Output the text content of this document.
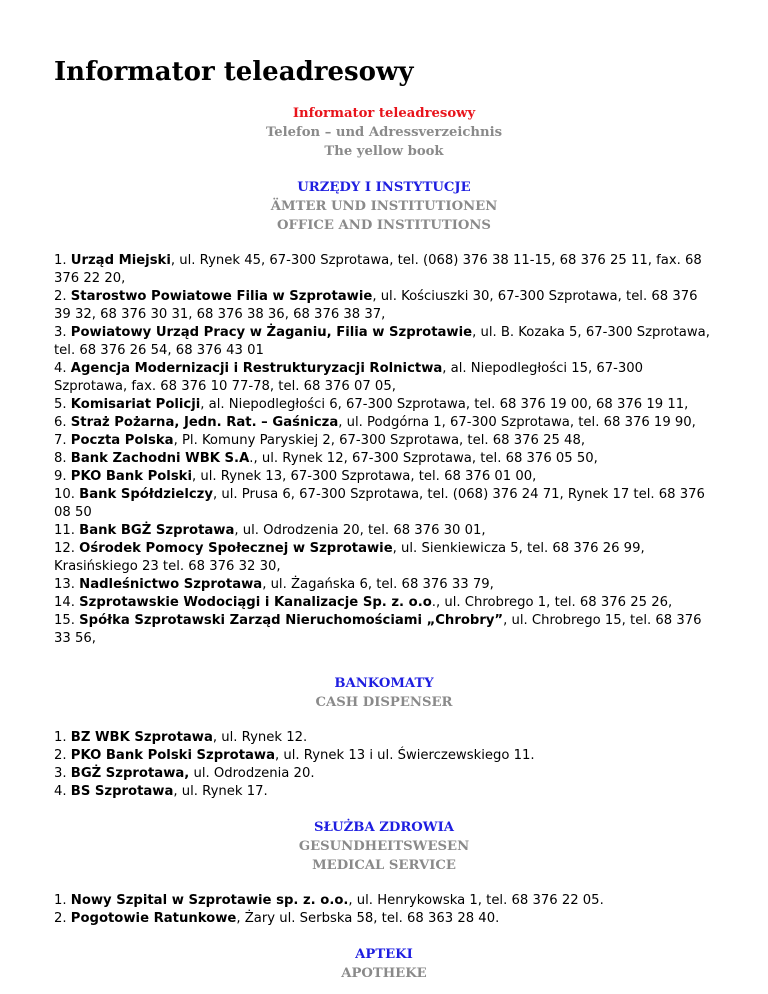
Informator teleadresowy
Informator teleadresowy
Telefon – und Adressverzeichnis
The yellow book
URZĘDY I INSTYTUCJE
ÄMTER UND INSTITUTIONEN
OFFICE AND INSTITUTIONS
1. Urząd Miejski, ul. Rynek 45, 67-300 Szprotawa, tel. (068) 376 38 11-15, 68 376 25 11, fax. 68 376 22 20,
2. Starostwo Powiatowe Filia w Szprotawie, ul. Kościuszki 30, 67-300 Szprotawa, tel. 68 376 39 32, 68 376 30 31, 68 376 38 36, 68 376 38 37,
3. Powiatowy Urząd Pracy w Żaganiu, Filia w Szprotawie, ul. B. Kozaka 5, 67-300 Szprotawa, tel. 68 376 26 54, 68 376 43 01
4. Agencja Modernizacji i Restrukturyzacji Rolnictwa, al. Niepodległości 15, 67-300 Szprotawa, fax. 68 376 10 77-78, tel. 68 376 07 05,
5. Komisariat Policji, al. Niepodległości 6, 67-300 Szprotawa, tel. 68 376 19 00, 68 376 19 11,
6. Straż Pożarna, Jedn. Rat. – Gaśnicza, ul. Podgórna 1, 67-300 Szprotawa, tel. 68 376 19 90,
7. Poczta Polska, Pl. Komuny Paryskiej 2, 67-300 Szprotawa, tel. 68 376 25 48,
8. Bank Zachodni WBK S.A., ul. Rynek 12, 67-300 Szprotawa, tel. 68 376 05 50,
9. PKO Bank Polski, ul. Rynek 13, 67-300 Szprotawa, tel. 68 376 01 00,
10. Bank Spółdzielczy, ul. Prusa 6, 67-300 Szprotawa, tel. (068) 376 24 71, Rynek 17 tel. 68 376 08 50
11. Bank BGŻ Szprotawa, ul. Odrodzenia 20, tel. 68 376 30 01,
12. Ośrodek Pomocy Społecznej w Szprotawie, ul. Sienkiewicza 5, tel. 68 376 26 99, Krasińskiego 23 tel. 68 376 32 30,
13. Nadleśnictwo Szprotawa, ul. Żagańska 6, tel. 68 376 33 79,
14. Szprotawskie Wodociągi i Kanalizacje Sp. z. o.o., ul. Chrobrego 1, tel. 68 376 25 26,
15. Spółka Szprotawski Zarząd Nieruchomościami „Chrobry”, ul. Chrobrego 15, tel. 68 376 33 56,
BANKOMATY
CASH DISPENSER
1. BZ WBK Szprotawa, ul. Rynek 12.
2. PKO Bank Polski Szprotawa, ul. Rynek 13 i ul. Świerczewskiego 11.
3. BGŻ Szprotawa, ul. Odrodzenia 20.
4. BS Szprotawa, ul. Rynek 17.
SŁUŻBA ZDROWIA
GESUNDHEITSWESEN
MEDICAL SERVICE
1. Nowy Szpital w Szprotawie sp. z. o.o., ul. Henrykowska 1, tel. 68 376 22 05.
2. Pogotowie Ratunkowe, Żary ul. Serbska 58, tel. 68 363 28 40.
APTEKI
APOTHEKE
